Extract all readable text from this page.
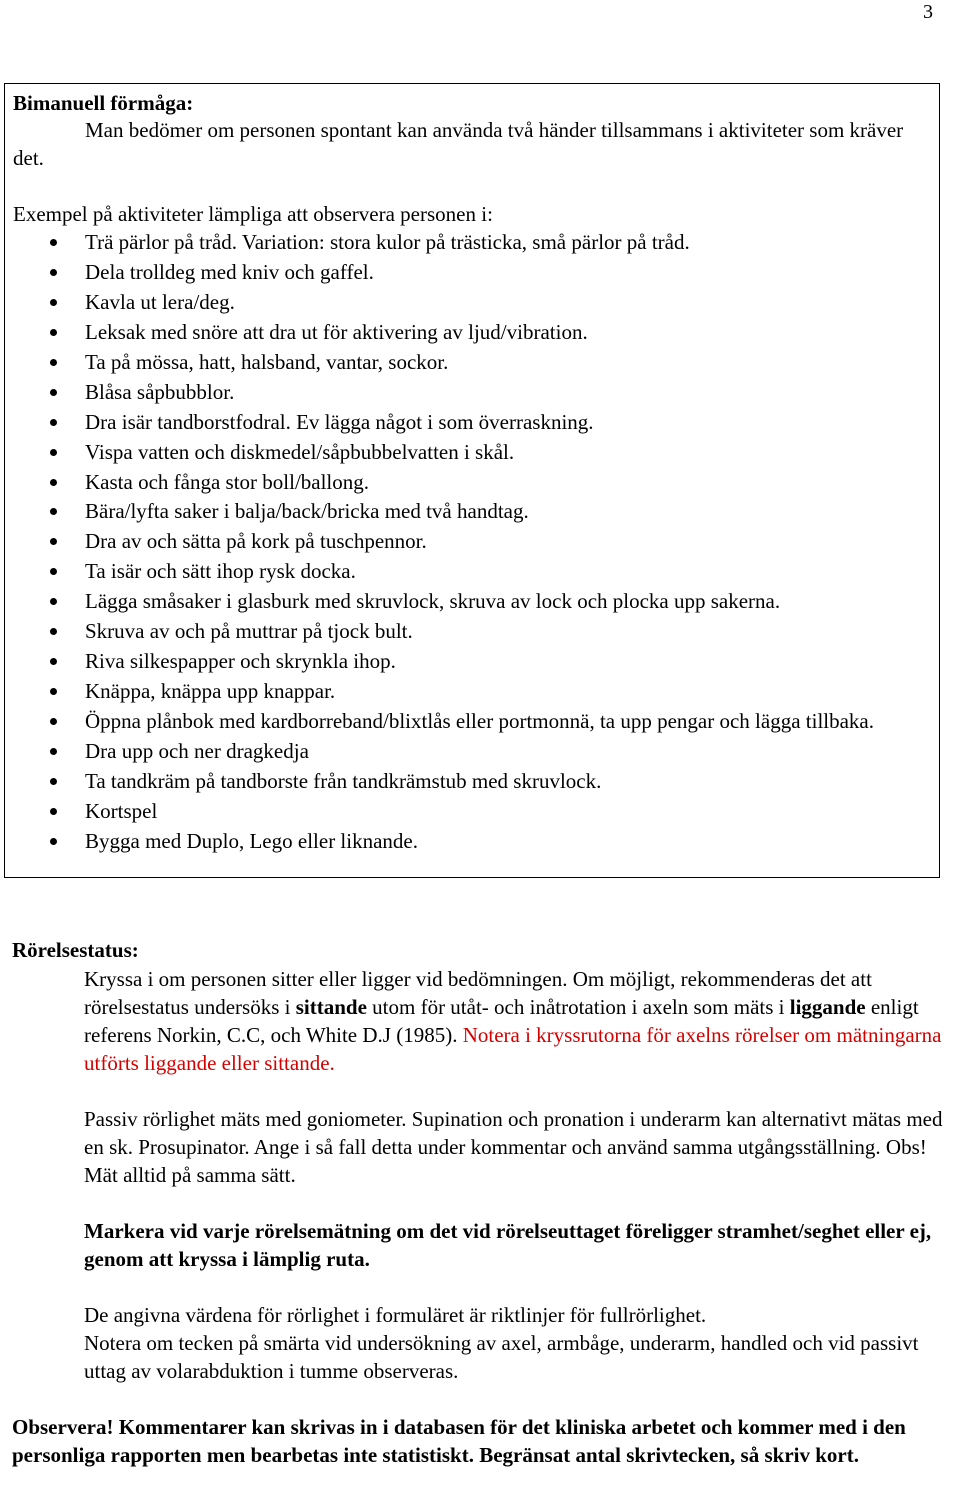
3
Bimanuell förmåga:
Man bedömer om personen spontant kan använda två händer tillsammans i aktiviteter som kräver det.
Exempel på aktiviteter lämpliga att observera personen i:
Trä pärlor på tråd. Variation: stora kulor på trästicka, små pärlor på tråd.
Dela trolldeg med kniv och gaffel.
Kavla ut lera/deg.
Leksak med snöre att dra ut för aktivering av ljud/vibration.
Ta på mössa, hatt, halsband, vantar, sockor.
Blåsa såpbubblor.
Dra isär tandborstfodral. Ev lägga något i som överraskning.
Vispa vatten och diskmedel/såpbubbelvatten i skål.
Kasta och fånga stor boll/ballong.
Bära/lyfta saker i balja/back/bricka med två handtag.
Dra av och sätta på kork på tuschpennor.
Ta isär och sätt ihop rysk docka.
Lägga småsaker i glasburk med skruvlock, skruva av lock och plocka upp sakerna.
Skruva av och på muttrar på tjock bult.
Riva silkespapper och skrynkla ihop.
Knäppa, knäppa upp knappar.
Öppna plånbok med kardborreband/blixtlås eller portmonnä, ta upp pengar och lägga tillbaka.
Dra upp och ner dragkedja
Ta tandkräm på tandborste från tandkrämstub med skruvlock.
Kortspel
Bygga med Duplo, Lego eller liknande.
Rörelsestatus:
Kryssa i om personen sitter eller ligger vid bedömningen. Om möjligt, rekommenderas det att rörelsestatus undersöks i sittande utom för utåt- och inåtrotation i axeln som mäts i liggande enligt referens Norkin, C.C, och White D.J (1985). Notera i kryssrutorna för axelns rörelser om mätningarna utförts liggande eller sittande.
Passiv rörlighet mäts med goniometer. Supination och pronation i underarm kan alternativt mätas med en sk. Prosupinator. Ange i så fall detta under kommentar och använd samma utgångsställning. Obs! Mät alltid på samma sätt.
Markera vid varje rörelsemätning om det vid rörelseuttaget föreligger stramhet/seghet eller ej, genom att kryssa i lämplig ruta.
De angivna värdena för rörlighet i formuläret är riktlinjer för fullrörlighet.
Notera om tecken på smärta vid undersökning av axel, armbåge, underarm, handled och vid passivt uttag av volarabduktion i tumme observeras.
Observera! Kommentarer kan skrivas in i databasen för det kliniska arbetet och kommer med i den personliga rapporten men bearbetas inte statistiskt. Begränsat antal skrivtecken, så skriv kort.
